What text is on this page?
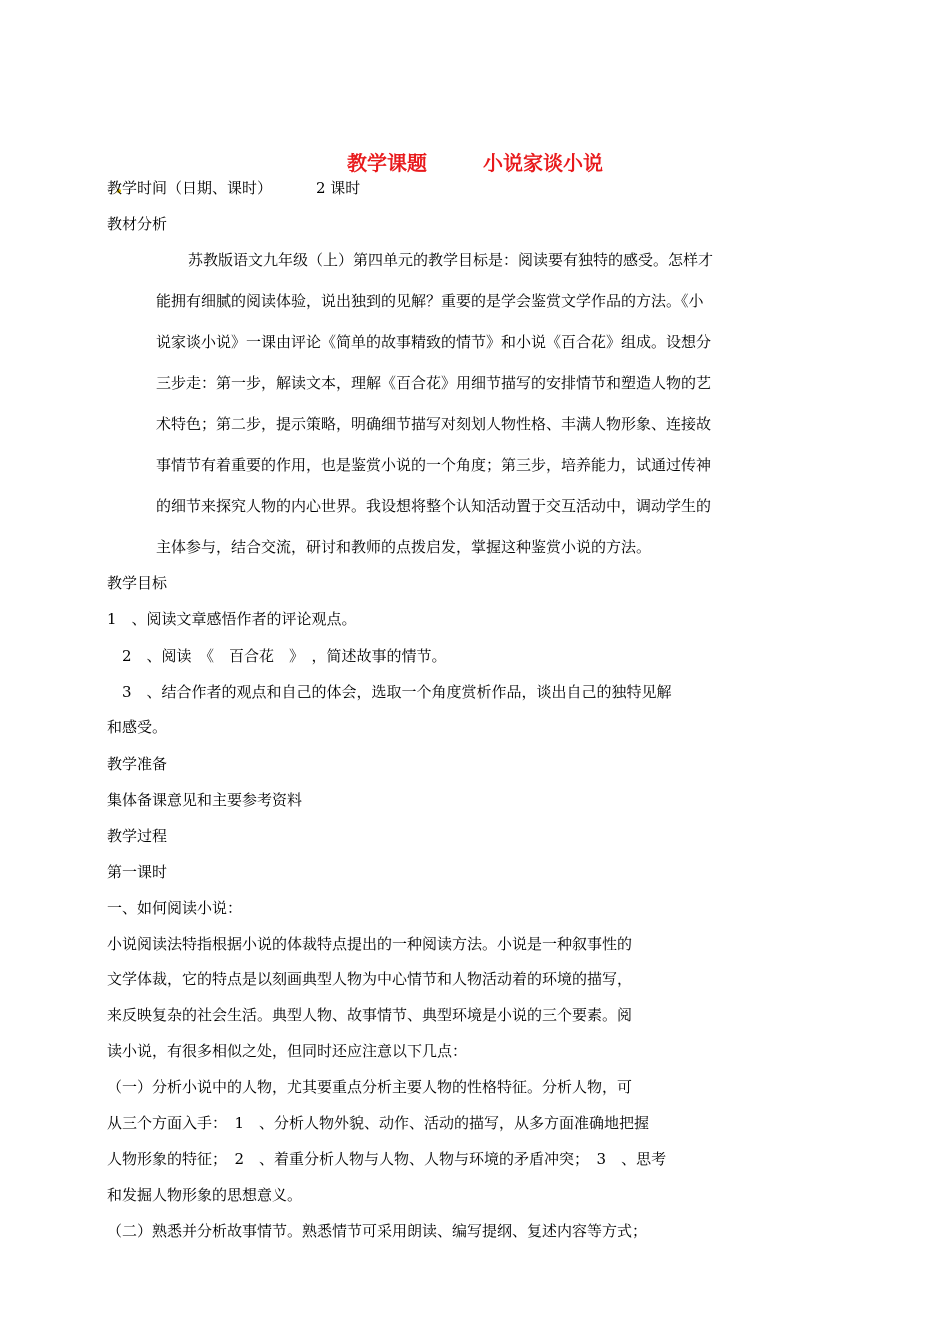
教学课题	小说家谈小说
教学时间（日期、课时）	2 课时
教材分析
苏教版语文九年级（上）第四单元的教学目标是：阅读要有独特的感受。怎样才
能拥有细腻的阅读体验，说出独到的见解？重要的是学会鉴赏文学作品的方法。《小
说家谈小说》一课由评论《简单的故事精致的情节》和小说《百合花》组成。设想分
三步走：第一步，解读文本，理解《百合花》用细节描写的安排情节和塑造人物的艺
术特色；第二步，提示策略，明确细节描写对刻划人物性格、丰满人物形象、连接故
事情节有着重要的作用，也是鉴赏小说的一个角度；第三步，培养能力，试通过传神
的细节来探究人物的内心世界。我设想将整个认知活动置于交互活动中，调动学生的
主体参与，结合交流，研讨和教师的点拨启发，掌握这种鉴赏小说的方法。
教学目标
1　、阅读文章感悟作者的评论观点。
2　、阅读　《　百合花　》　，简述故事的情节。
3　、结合作者的观点和自己的体会，选取一个角度赏析作品，谈出自己的独特见解
和感受。
教学准备
集体备课意见和主要参考资料
教学过程
第一课时
一、如何阅读小说：
小说阅读法特指根据小说的体裁特点提出的一种阅读方法。小说是一种叙事性的
文学体裁，它的特点是以刻画典型人物为中心情节和人物活动着的环境的描写，
来反映复杂的社会生活。典型人物、故事情节、典型环境是小说的三个要素。阅
读小说，有很多相似之处，但同时还应注意以下几点：
（一）分析小说中的人物，尤其要重点分析主要人物的性格特征。分析人物，可
从三个方面入手：　1　、分析人物外貌、动作、活动的描写，从多方面准确地把握
人物形象的特征；　2　、着重分析人物与人物、人物与环境的矛盾冲突；　3　、思考
和发掘人物形象的思想意义。
（二）熟悉并分析故事情节。熟悉情节可采用朗读、编写提纲、复述内容等方式；
